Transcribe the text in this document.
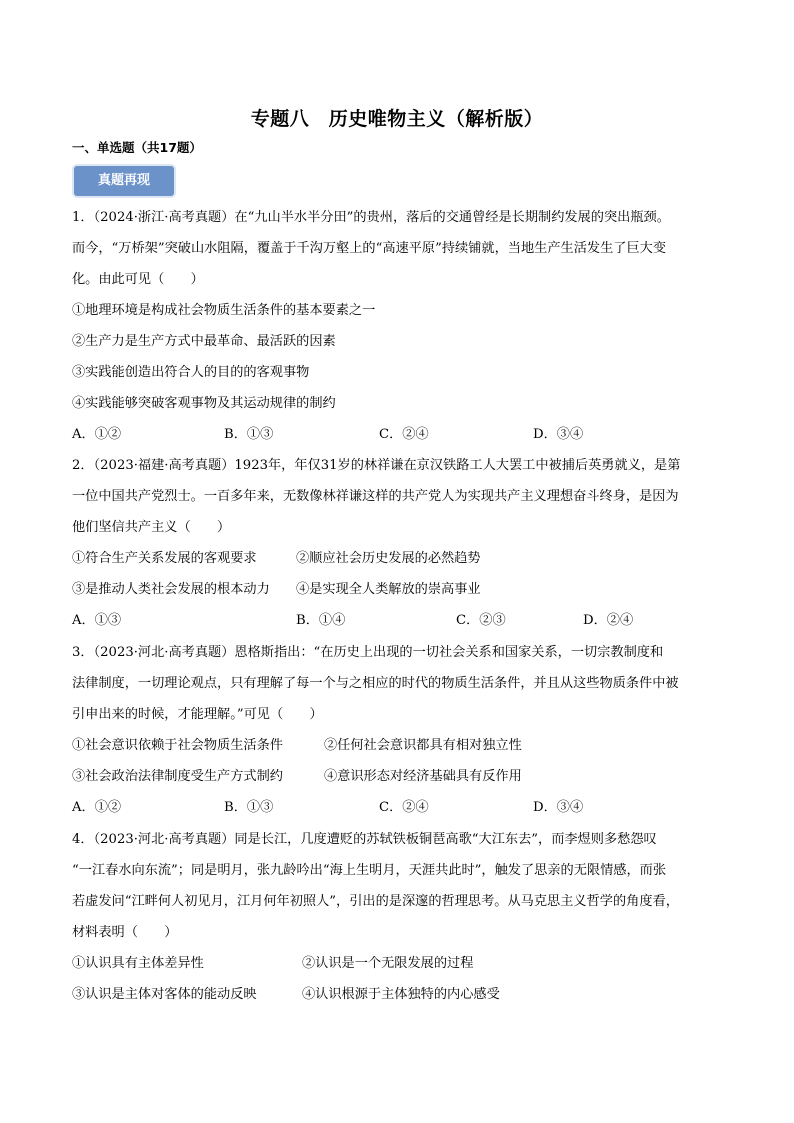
专题八　历史唯物主义（解析版）
一、单选题（共17题）
真题再现
1．（2024·浙江·高考真题）在“九山半水半分田”的贵州，落后的交通曾经是长期制约发展的突出瓶颈。
而今，“万桥架”突破山水阻隔，覆盖于千沟万壑上的“高速平原”持续铺就，当地生产生活发生了巨大变
化。由此可见（　　）
①地理环境是构成社会物质生活条件的基本要素之一
②生产力是生产方式中最革命、最活跃的因素
③实践能创造出符合人的目的的客观事物
④实践能够突破客观事物及其运动规律的制约
A．①②	B．①③	C．②④	D．③④
2．（2023·福建·高考真题）1923年，年仅31岁的林祥谦在京汉铁路工人大罢工中被捕后英勇就义，是第
一位中国共产党烈士。一百多年来，无数像林祥谦这样的共产党人为实现共产主义理想奋斗终身，是因为
他们坚信共产主义（　　）
①符合生产关系发展的客观要求	②顺应社会历史发展的必然趋势
③是推动人类社会发展的根本动力 ④是实现全人类解放的崇高事业
A．①③	B．①④	C．②③	D．②④
3．（2023·河北·高考真题）恩格斯指出：“在历史上出现的一切社会关系和国家关系，一切宗教制度和
法律制度，一切理论观点，只有理解了每一个与之相应的时代的物质生活条件，并且从这些物质条件中被
引申出来的时候，才能理解。”可见（　　）
①社会意识依赖于社会物质生活条件	②任何社会意识都具有相对独立性
③社会政治法律制度受生产方式制约	④意识形态对经济基础具有反作用
A．①②	B．①③	C．②④	D．③④
4．（2023·河北·高考真题）同是长江，几度遭贬的苏轼铁板铜琶高歌“大江东去”，而李煜则多愁怨叹
“一江春水向东流”；同是明月，张九龄吟出“海上生明月，天涯共此时”，触发了思亲的无限情感，而张
若虚发问“江畔何人初见月，江月何年初照人”，引出的是深邃的哲理思考。从马克思主义哲学的角度看，
材料表明（　　）
①认识具有主体差异性	②认识是一个无限发展的过程
③认识是主体对客体的能动反映	④认识根源于主体独特的内心感受
